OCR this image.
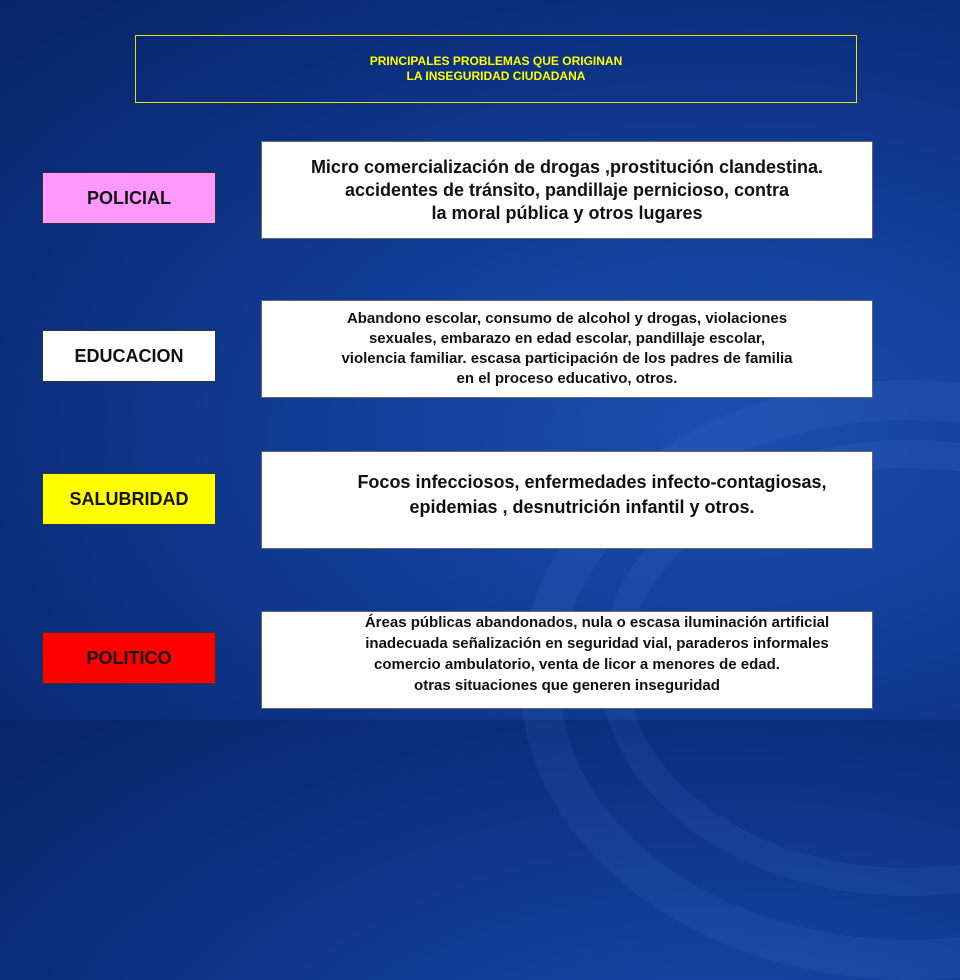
PRINCIPALES PROBLEMAS QUE ORIGINAN
LA INSEGURIDAD CIUDADANA
POLICIAL
Micro comercialización de drogas ,prostitución clandestina.
accidentes de tránsito, pandillaje pernicioso, contra
la moral pública y otros lugares
EDUCACION
Abandono escolar, consumo de alcohol y drogas, violaciones
sexuales, embarazo en edad escolar, pandillaje escolar,
violencia familiar. escasa participación de los padres de familia
en el proceso educativo, otros.
SALUBRIDAD
Focos infecciosos, enfermedades infecto-contagiosas,
epidemias , desnutrición infantil y otros.
POLITICO
Áreas públicas abandonados, nula o escasa iluminación artificial
inadecuada señalización en seguridad vial, paraderos informales
comercio ambulatorio, venta de licor a menores de edad.
otras situaciones que generen inseguridad
